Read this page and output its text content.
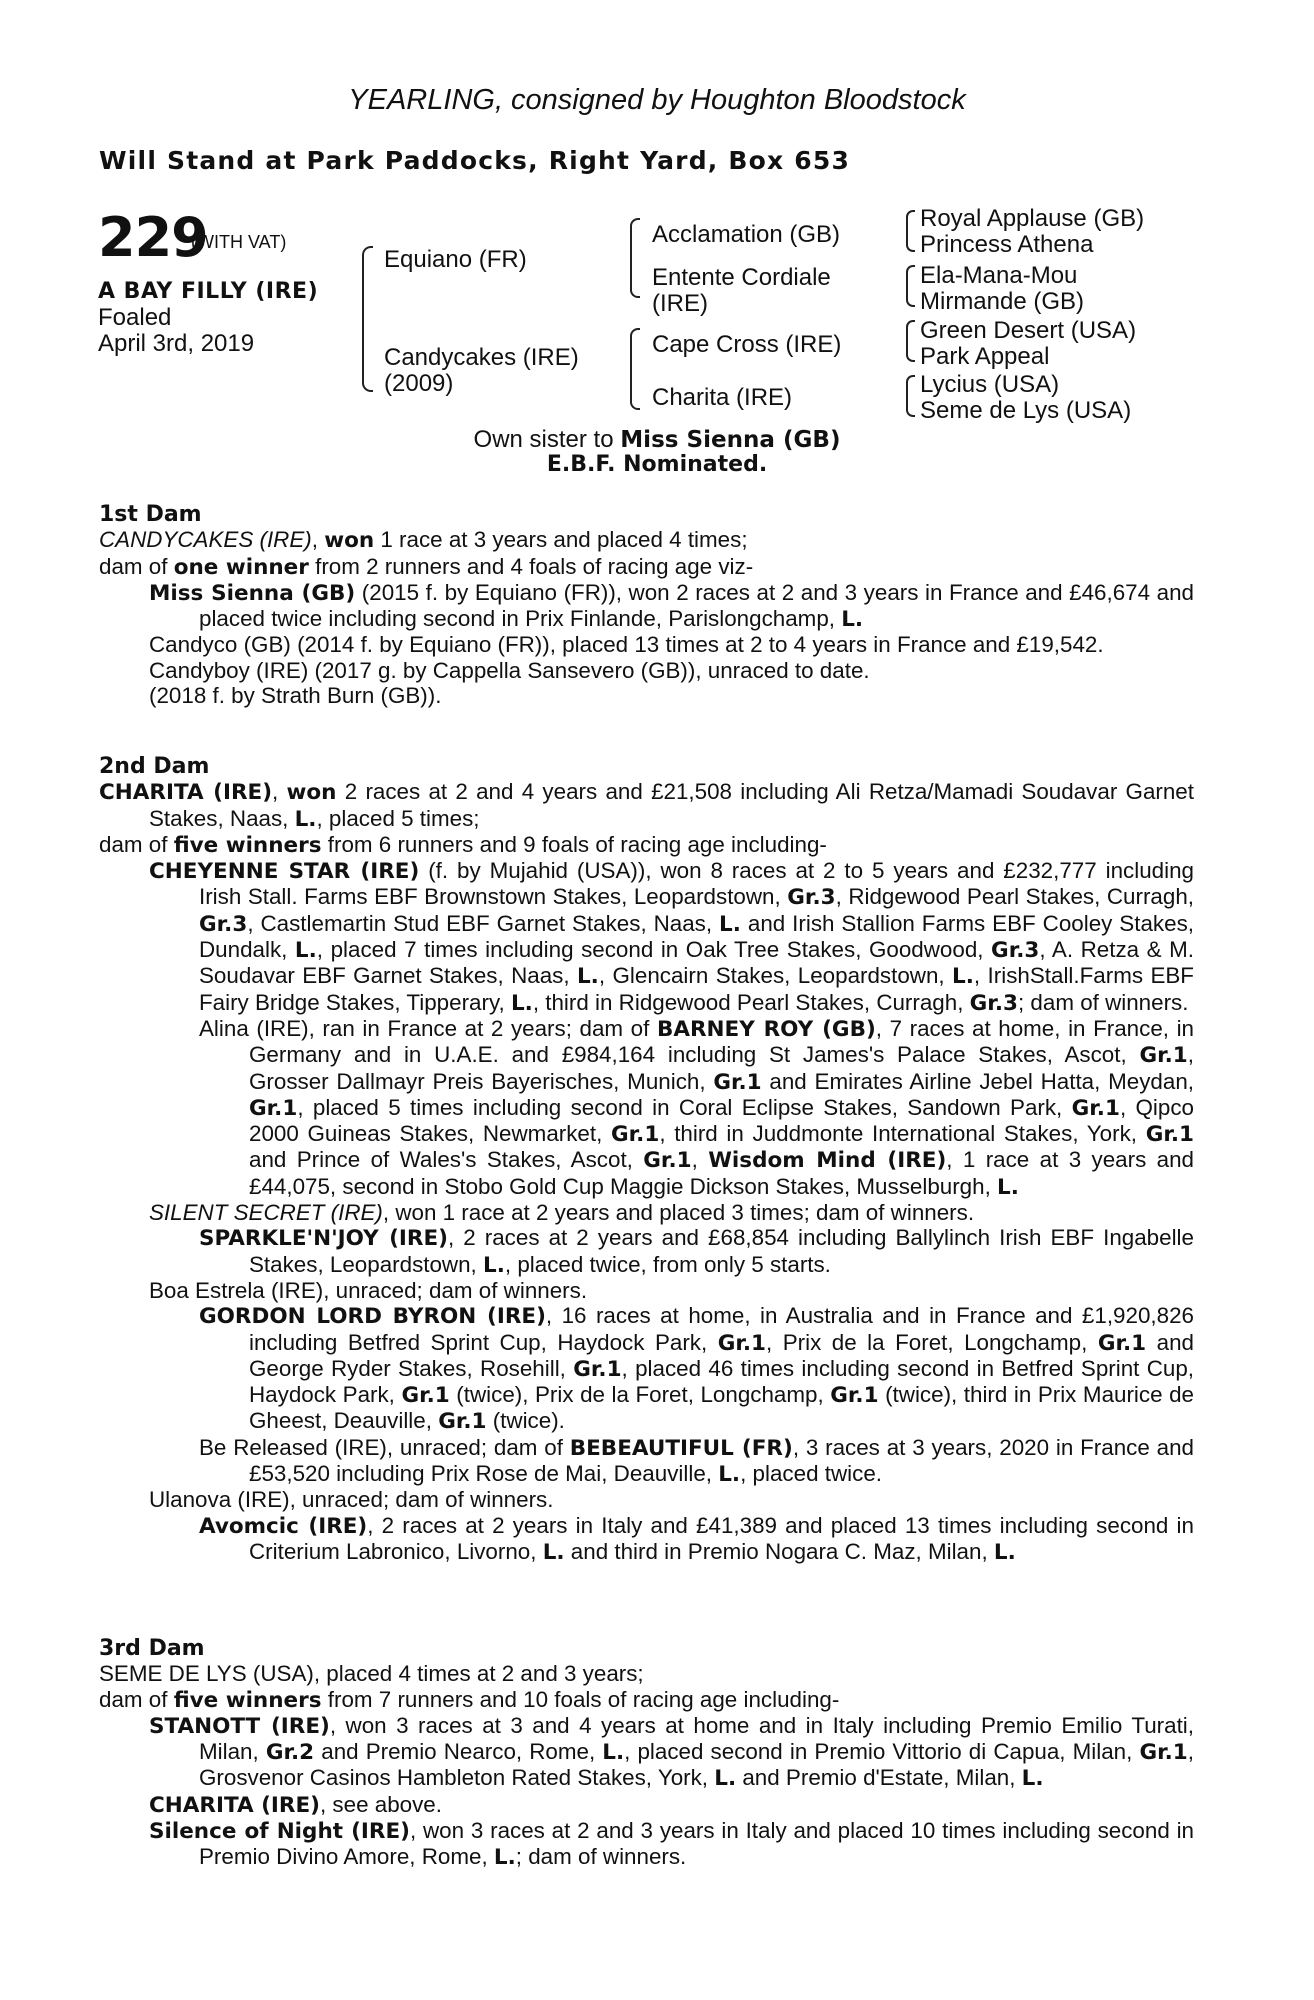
YEARLING, consigned by Houghton Bloodstock
Will Stand at Park Paddocks, Right Yard, Box 653
229
(WITH VAT)
A BAY FILLY (IRE)
Foaled
April 3rd, 2019
Equiano (FR)
Candycakes (IRE)
(2009)
Acclamation (GB)
Entente Cordiale
(IRE)
Cape Cross (IRE)
Charita (IRE)
Royal Applause (GB)
Princess Athena
Ela-Mana-Mou
Mirmande (GB)
Green Desert (USA)
Park Appeal
Lycius (USA)
Seme de Lys (USA)
Own sister to Miss Sienna (GB)
E.B.F. Nominated.
1st Dam

CANDYCAKES (IRE), won 1 race at 3 years and placed 4 times;

dam of one winner from 2 runners and 4 foals of racing age viz-

Miss Sienna (GB) (2015 f. by Equiano (FR)), won 2 races at 2 and 3 years in France and £46,674 and placed twice including second in Prix Finlande, Parislongchamp, L.

Candyco (GB) (2014 f. by Equiano (FR)), placed 13 times at 2 to 4 years in France and £19,542.

Candyboy (IRE) (2017 g. by Cappella Sansevero (GB)), unraced to date.

(2018 f. by Strath Burn (GB)).

2nd Dam

CHARITA (IRE), won 2 races at 2 and 4 years and £21,508 including Ali Retza/Mamadi Soudavar Garnet Stakes, Naas, L., placed 5 times;

dam of five winners from 6 runners and 9 foals of racing age including-

CHEYENNE STAR (IRE) (f. by Mujahid (USA)), won 8 races at 2 to 5 years and £232,777 including Irish Stall. Farms EBF Brownstown Stakes, Leopardstown, Gr.3, Ridgewood Pearl Stakes, Curragh, Gr.3, Castlemartin Stud EBF Garnet Stakes, Naas, L. and Irish Stallion Farms EBF Cooley Stakes, Dundalk, L., placed 7 times including second in Oak Tree Stakes, Goodwood, Gr.3, A. Retza & M. Soudavar EBF Garnet Stakes, Naas, L., Glencairn Stakes, Leopardstown, L., IrishStall.Farms EBF Fairy Bridge Stakes, Tipperary, L., third in Ridgewood Pearl Stakes, Curragh, Gr.3; dam of winners.

Alina (IRE), ran in France at 2 years; dam of BARNEY ROY (GB), 7 races at home, in France, in Germany and in U.A.E. and £984,164 including St James's Palace Stakes, Ascot, Gr.1, Grosser Dallmayr Preis Bayerisches, Munich, Gr.1 and Emirates Airline Jebel Hatta, Meydan, Gr.1, placed 5 times including second in Coral Eclipse Stakes, Sandown Park, Gr.1, Qipco 2000 Guineas Stakes, Newmarket, Gr.1, third in Juddmonte International Stakes, York, Gr.1 and Prince of Wales's Stakes, Ascot, Gr.1, Wisdom Mind (IRE), 1 race at 3 years and £44,075, second in Stobo Gold Cup Maggie Dickson Stakes, Musselburgh, L.

SILENT SECRET (IRE), won 1 race at 2 years and placed 3 times; dam of winners.

SPARKLE'N'JOY (IRE), 2 races at 2 years and £68,854 including Ballylinch Irish EBF Ingabelle Stakes, Leopardstown, L., placed twice, from only 5 starts.

Boa Estrela (IRE), unraced; dam of winners.

GORDON LORD BYRON (IRE), 16 races at home, in Australia and in France and £1,920,826 including Betfred Sprint Cup, Haydock Park, Gr.1, Prix de la Foret, Longchamp, Gr.1 and George Ryder Stakes, Rosehill, Gr.1, placed 46 times including second in Betfred Sprint Cup, Haydock Park, Gr.1 (twice), Prix de la Foret, Longchamp, Gr.1 (twice), third in Prix Maurice de Gheest, Deauville, Gr.1 (twice).

Be Released (IRE), unraced; dam of BEBEAUTIFUL (FR), 3 races at 3 years, 2020 in France and £53,520 including Prix Rose de Mai, Deauville, L., placed twice.

Ulanova (IRE), unraced; dam of winners.

Avomcic (IRE), 2 races at 2 years in Italy and £41,389 and placed 13 times including second in Criterium Labronico, Livorno, L. and third in Premio Nogara C. Maz, Milan, L.

3rd Dam

SEME DE LYS (USA), placed 4 times at 2 and 3 years;

dam of five winners from 7 runners and 10 foals of racing age including-

STANOTT (IRE), won 3 races at 3 and 4 years at home and in Italy including Premio Emilio Turati, Milan, Gr.2 and Premio Nearco, Rome, L., placed second in Premio Vittorio di Capua, Milan, Gr.1, Grosvenor Casinos Hambleton Rated Stakes, York, L. and Premio d'Estate, Milan, L.

CHARITA (IRE), see above.

Silence of Night (IRE), won 3 races at 2 and 3 years in Italy and placed 10 times including second in Premio Divino Amore, Rome, L.; dam of winners.
